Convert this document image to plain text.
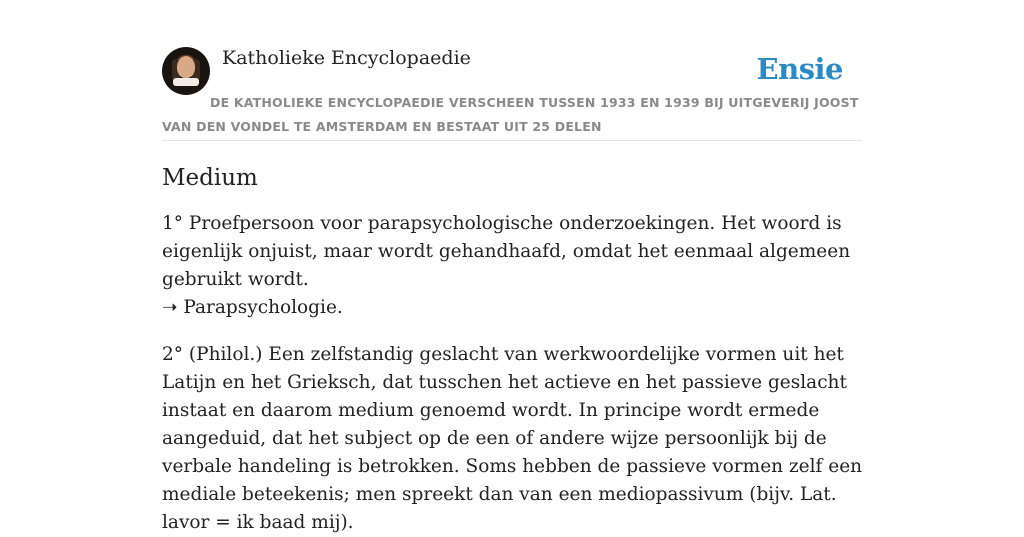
Katholieke Encyclopaedie	Ensie
DE KATHOLIEKE ENCYCLOPAEDIE VERSCHEEN TUSSEN 1933 EN 1939 BIJ UITGEVERIJ JOOST VAN DEN VONDEL TE AMSTERDAM EN BESTAAT UIT 25 DELEN
Medium

1° Proefpersoon voor parapsychologische onderzoekingen. Het woord is eigenlijk onjuist, maar wordt gehandhaafd, omdat het eenmaal algemeen gebruikt wordt.
➝ Parapsychologie.

2° (Philol.) Een zelfstandig geslacht van werkwoordelijke vormen uit het Latijn en het Grieksch, dat tusschen het actieve en het passieve geslacht instaat en daarom medium genoemd wordt. In principe wordt ermede aangeduid, dat het subject op de een of andere wijze persoonlijk bij de verbale handeling is betrokken. Soms hebben de passieve vormen zelf een mediale beteekenis; men spreekt dan van een mediopassivum (bijv. Lat. lavor = ik baad mij).
